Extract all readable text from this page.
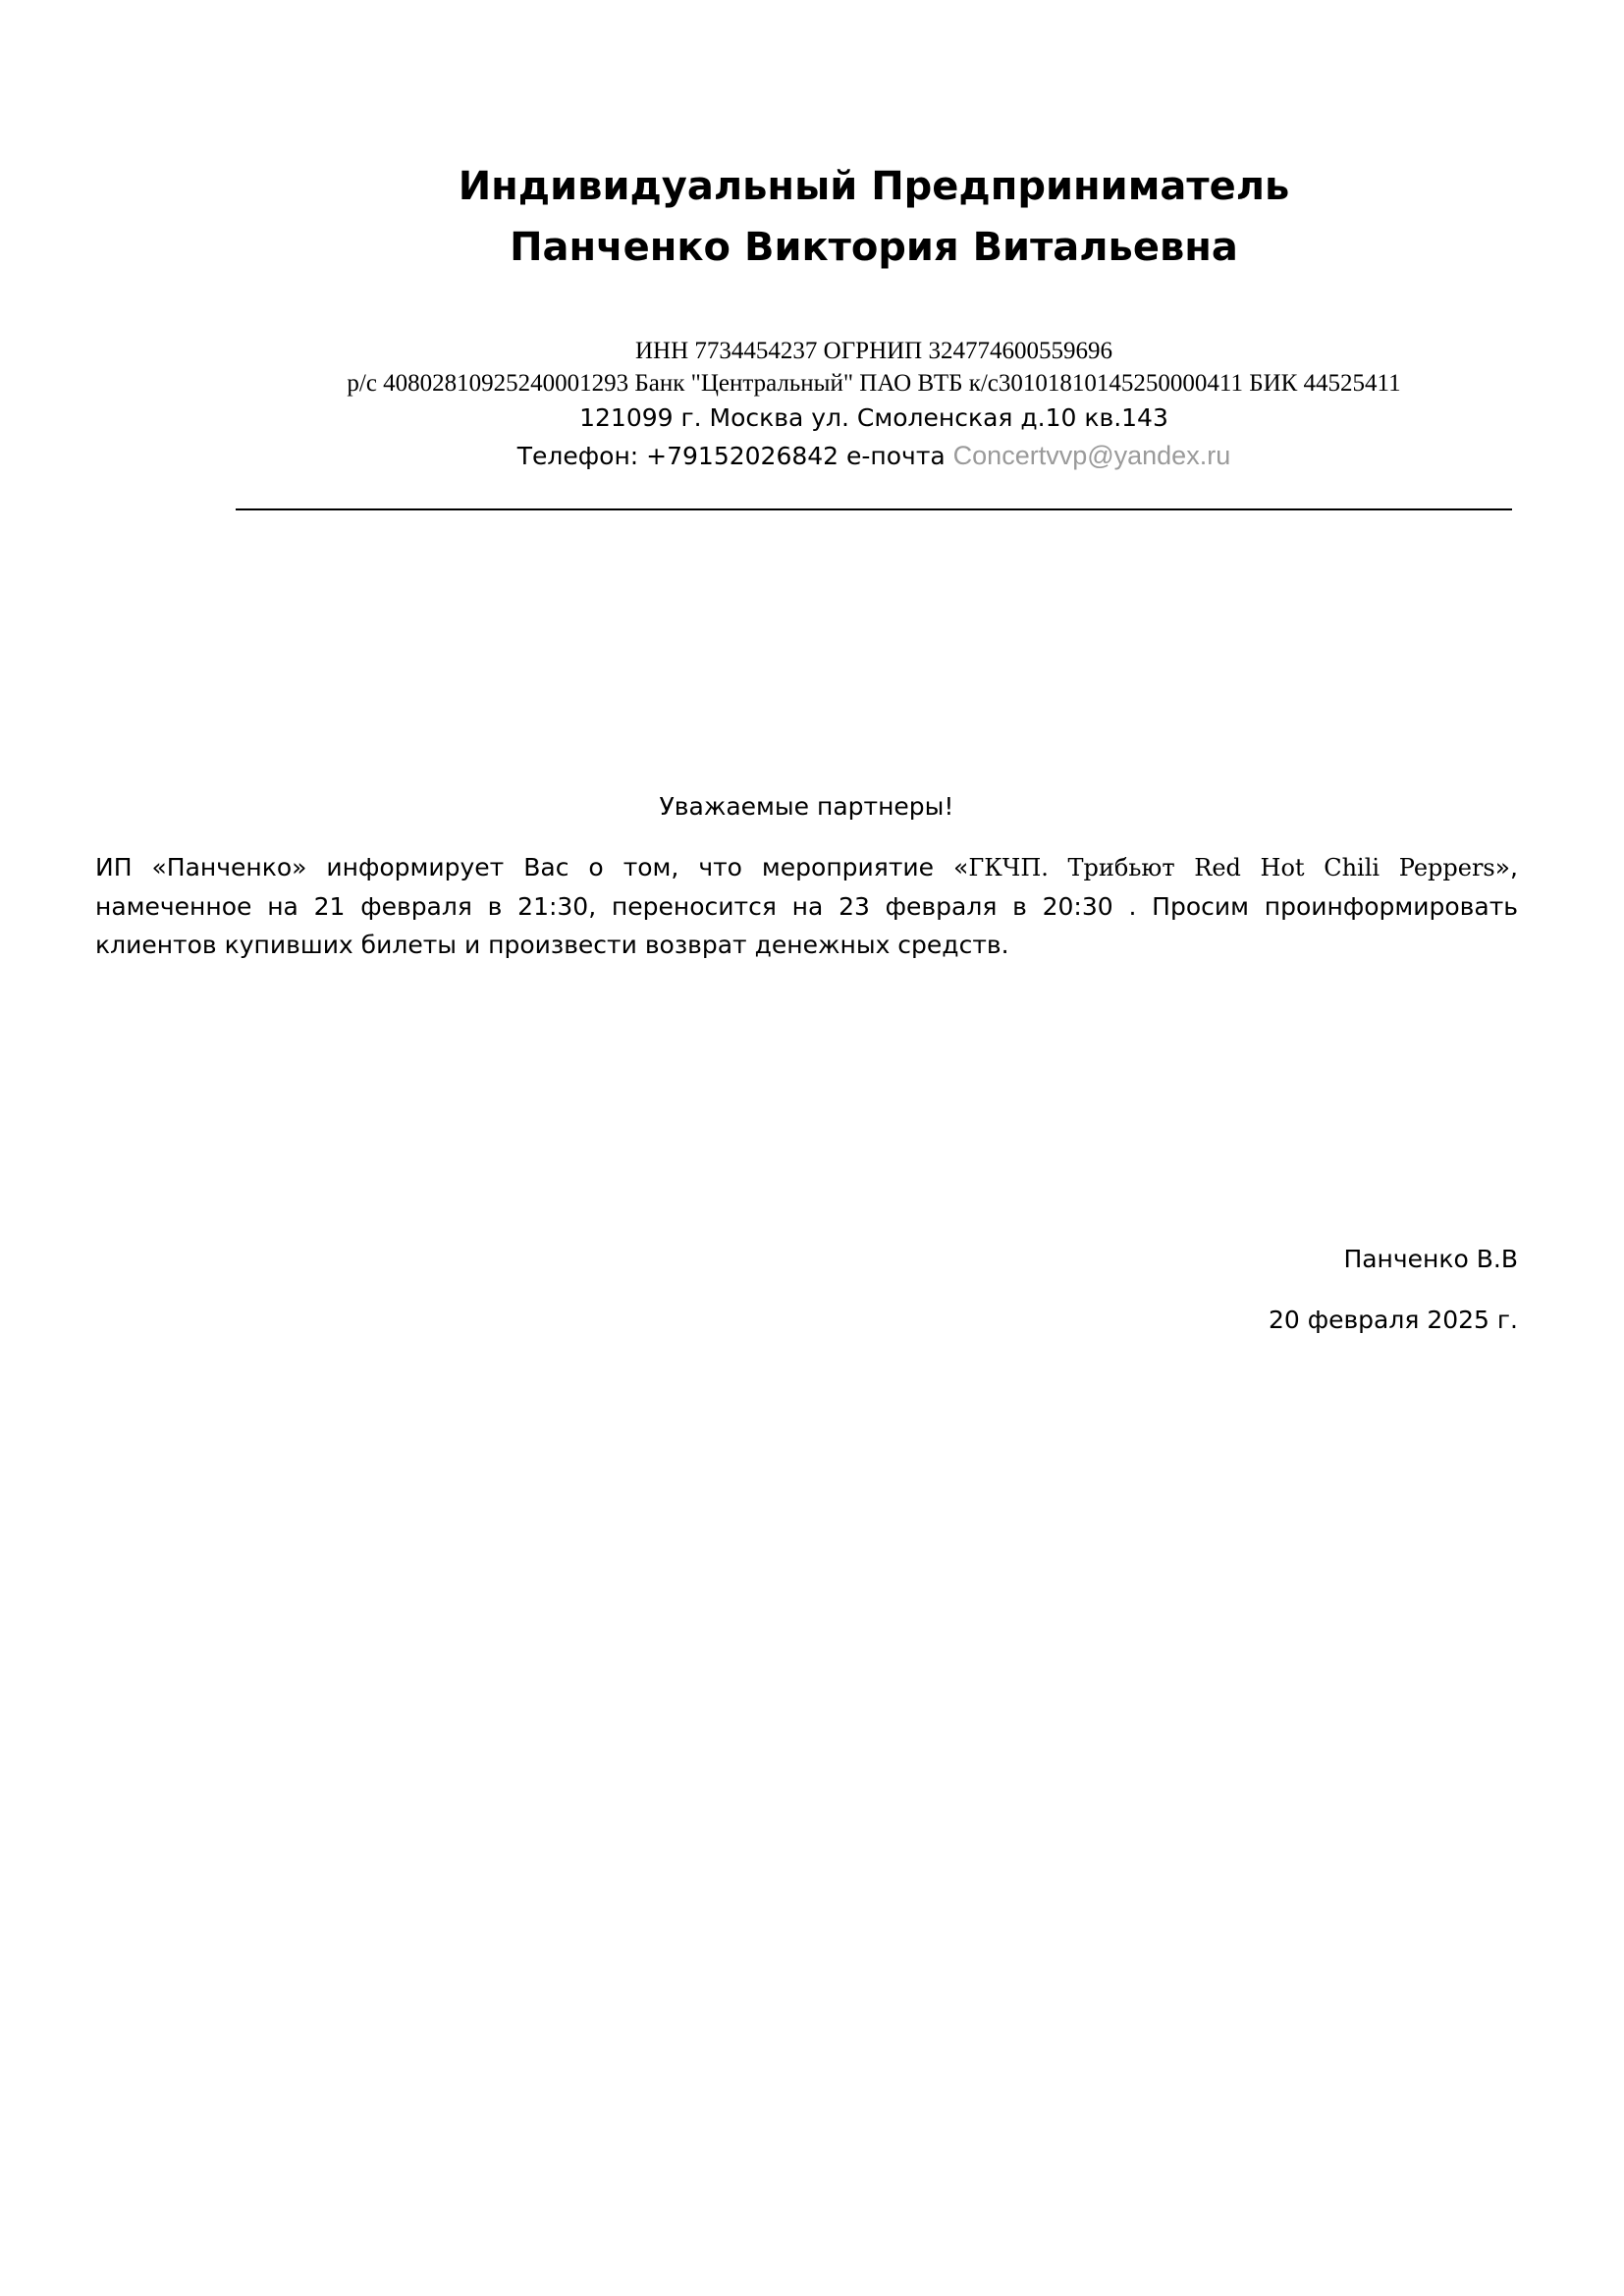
Индивидуальный Предприниматель
Панченко Виктория Витальевна
ИНН 7734454237 ОГРНИП 324774600559696
р/с 40802810925240001293 Банк "Центральный" ПАО ВТБ к/с30101810145250000411 БИК 44525411
121099 г. Москва ул. Смоленская д.10 кв.143
Телефон: +79152026842 е-почта Concertvvp@yandex.ru
Уважаемые партнеры!
ИП «Панченко» информирует Вас о том, что мероприятие «ГКЧП. Трибьют Red Hot Chili Peppers», намеченное на 21 февраля в 21:30, переносится на 23 февраля в 20:30 . Просим проинформировать клиентов купивших билеты и произвести возврат денежных средств.
Панченко В.В
20 февраля 2025 г.
